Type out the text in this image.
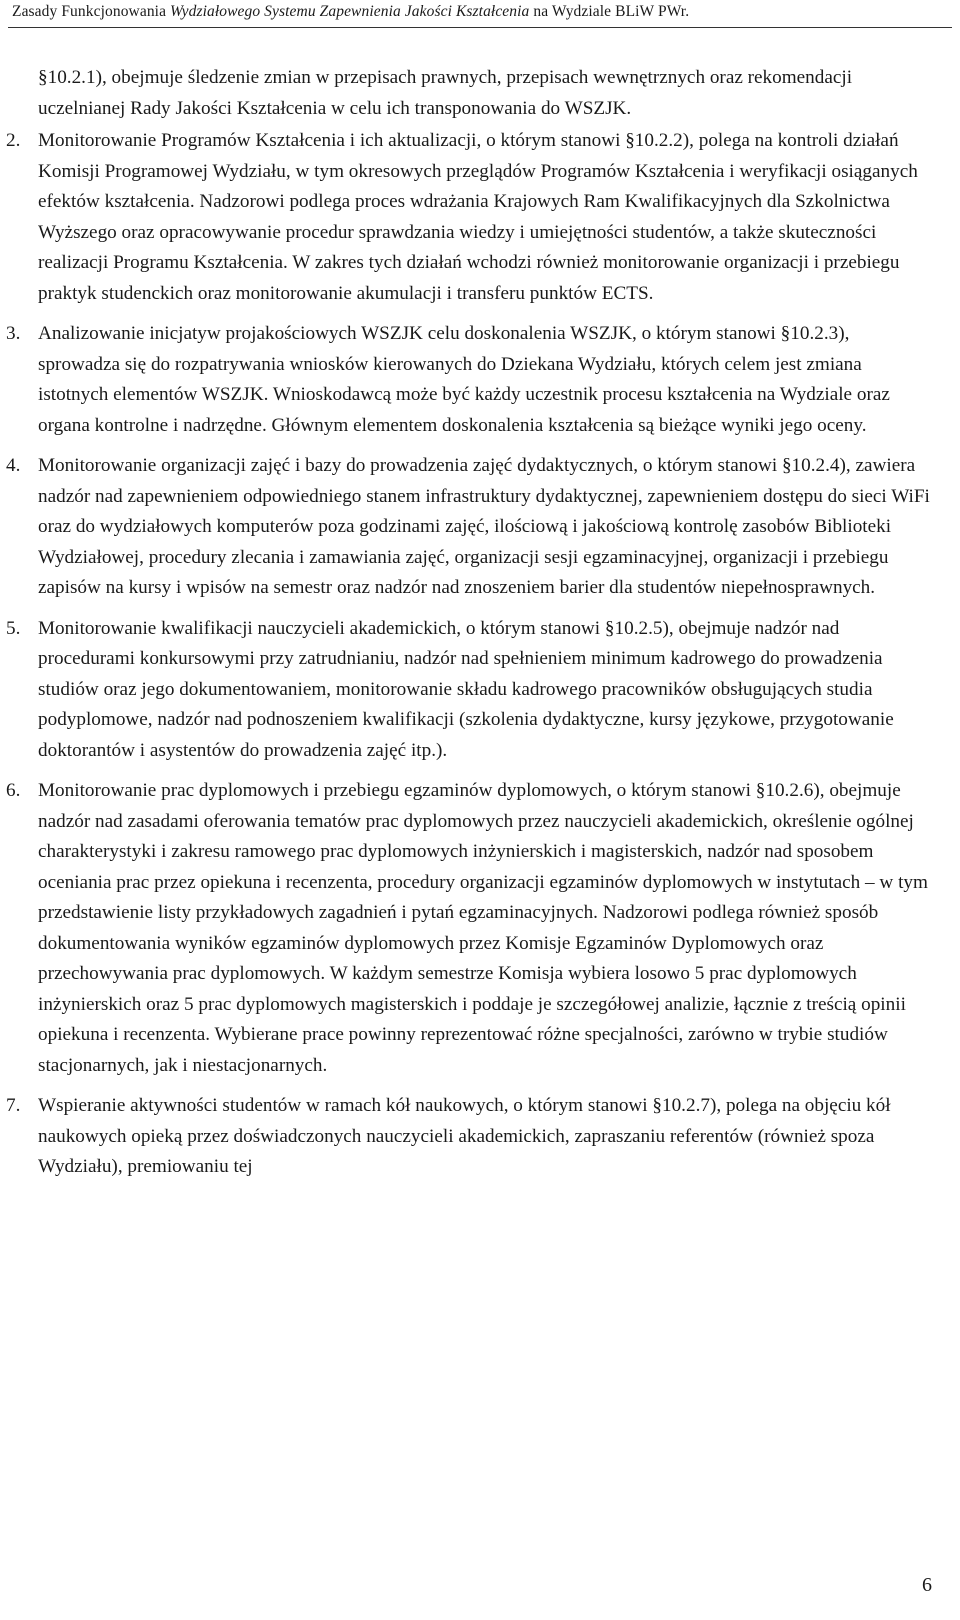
Zasady Funkcjonowania Wydziałowego Systemu Zapewnienia Jakości Kształcenia na Wydziale BLiW PWr.

§10.2.1), obejmuje śledzenie zmian w przepisach prawnych, przepisach wewnętrznych oraz rekomendacji uczelnianej Rady Jakości Kształcenia w celu ich transponowania do WSZJK.

2. Monitorowanie Programów Kształcenia i ich aktualizacji, o którym stanowi §10.2.2), polega na kontroli działań Komisji Programowej Wydziału, w tym okresowych przeglądów Programów Kształcenia i weryfikacji osiąganych efektów kształcenia. Nadzorowi podlega proces wdrażania Krajowych Ram Kwalifikacyjnych dla Szkolnictwa Wyższego oraz opracowywanie procedur sprawdzania wiedzy i umiejętności studentów, a także skuteczności realizacji Programu Kształcenia. W zakres tych działań wchodzi również monitorowanie organizacji i przebiegu praktyk studenckich oraz monitorowanie akumulacji i transferu punktów ECTS.
3. Analizowanie inicjatyw projakościowych WSZJK celu doskonalenia WSZJK, o którym stanowi §10.2.3), sprowadza się do rozpatrywania wniosków kierowanych do Dziekana Wydziału, których celem jest zmiana istotnych elementów WSZJK. Wnioskodawcą może być każdy uczestnik procesu kształcenia na Wydziale oraz organa kontrolne i nadrzędne. Głównym elementem doskonalenia kształcenia są bieżące wyniki jego oceny.
4. Monitorowanie organizacji zajęć i bazy do prowadzenia zajęć dydaktycznych, o którym stanowi §10.2.4), zawiera nadzór nad zapewnieniem odpowiedniego stanem infrastruktury dydaktycznej, zapewnieniem dostępu do sieci WiFi oraz do wydziałowych komputerów poza godzinami zajęć, ilościową i jakościową kontrolę zasobów Biblioteki Wydziałowej, procedury zlecania i zamawiania zajęć, organizacji sesji egzaminacyjnej, organizacji i przebiegu zapisów na kursy i wpisów na semestr oraz nadzór nad znoszeniem barier dla studentów niepełnosprawnych.
5. Monitorowanie kwalifikacji nauczycieli akademickich, o którym stanowi §10.2.5), obejmuje nadzór nad procedurami konkursowymi przy zatrudnianiu, nadzór nad spełnieniem minimum kadrowego do prowadzenia studiów oraz jego dokumentowaniem, monitorowanie składu kadrowego pracowników obsługujących studia podyplomowe, nadzór nad podnoszeniem kwalifikacji (szkolenia dydaktyczne, kursy językowe, przygotowanie doktorantów i asystentów do prowadzenia zajęć itp.).
6. Monitorowanie prac dyplomowych i przebiegu egzaminów dyplomowych, o którym stanowi §10.2.6), obejmuje nadzór nad zasadami oferowania tematów prac dyplomowych przez nauczycieli akademickich, określenie ogólnej charakterystyki i zakresu ramowego prac dyplomowych inżynierskich i magisterskich, nadzór nad sposobem oceniania prac przez opiekuna i recenzenta, procedury organizacji egzaminów dyplomowych w instytutach – w tym przedstawienie listy przykładowych zagadnień i pytań egzaminacyjnych. Nadzorowi podlega również sposób dokumentowania wyników egzaminów dyplomowych przez Komisje Egzaminów Dyplomowych oraz przechowywania prac dyplomowych. W każdym semestrze Komisja wybiera losowo 5 prac dyplomowych inżynierskich oraz 5 prac dyplomowych magisterskich i poddaje je szczegółowej analizie, łącznie z treścią opinii opiekuna i recenzenta. Wybierane prace powinny reprezentować różne specjalności, zarówno w trybie studiów stacjonarnych, jak i niestacjonarnych.
7. Wspieranie aktywności studentów w ramach kół naukowych, o którym stanowi §10.2.7), polega na objęciu kół naukowych opieką przez doświadczonych nauczycieli akademickich, zapraszaniu referentów (również spoza Wydziału), premiowaniu tej
6
